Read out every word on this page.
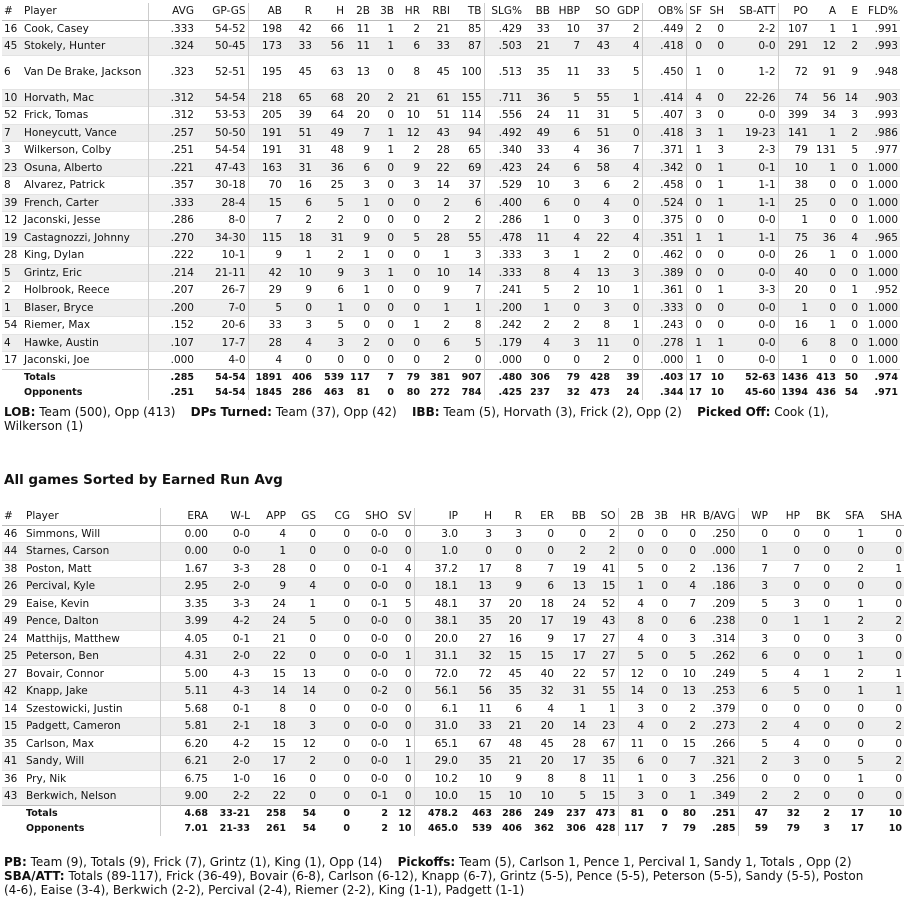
#	Player	AVG	GP-GS	AB	R	H	2B	3B	HR	RBI	TB	SLG%	BB	HBP	SO	GDP	OB%	SF	SH	SB-ATT	PO	A	E	FLD%
16	Cook, Casey	.333	54-52	198	42	66	11	1	2	21	85	.429	33	10	37	2	.449	2	0	2-2	107	1	1	.991
45	Stokely, Hunter	.324	50-45	173	33	56	11	1	6	33	87	.503	21	7	43	4	.418	0	0	0-0	291	12	2	.993
6	Van De Brake, Jackson	.323	52-51	195	45	63	13	0	8	45	100	.513	35	11	33	5	.450	1	0	1-2	72	91	9	.948
10	Horvath, Mac	.312	54-54	218	65	68	20	2	21	61	155	.711	36	5	55	1	.414	4	0	22-26	74	56	14	.903
52	Frick, Tomas	.312	53-53	205	39	64	20	0	10	51	114	.556	24	11	31	5	.407	3	0	0-0	399	34	3	.993
7	Honeycutt, Vance	.257	50-50	191	51	49	7	1	12	43	94	.492	49	6	51	0	.418	3	1	19-23	141	1	2	.986
3	Wilkerson, Colby	.251	54-54	191	31	48	9	1	2	28	65	.340	33	4	36	7	.371	1	3	2-3	79	131	5	.977
23	Osuna, Alberto	.221	47-43	163	31	36	6	0	9	22	69	.423	24	6	58	4	.342	0	1	0-1	10	1	0	1.000
8	Alvarez, Patrick	.357	30-18	70	16	25	3	0	3	14	37	.529	10	3	6	2	.458	0	1	1-1	38	0	0	1.000
39	French, Carter	.333	28-4	15	6	5	1	0	0	2	6	.400	6	0	4	0	.524	0	1	1-1	25	0	0	1.000
12	Jaconski, Jesse	.286	8-0	7	2	2	0	0	0	2	2	.286	1	0	3	0	.375	0	0	0-0	1	0	0	1.000
19	Castagnozzi, Johnny	.270	34-30	115	18	31	9	0	5	28	55	.478	11	4	22	4	.351	1	1	1-1	75	36	4	.965
28	King, Dylan	.222	10-1	9	1	2	1	0	0	1	3	.333	3	1	2	0	.462	0	0	0-0	26	1	0	1.000
5	Grintz, Eric	.214	21-11	42	10	9	3	1	0	10	14	.333	8	4	13	3	.389	0	0	0-0	40	0	0	1.000
2	Holbrook, Reece	.207	26-7	29	9	6	1	0	0	9	7	.241	5	2	10	1	.361	0	1	3-3	20	0	1	.952
1	Blaser, Bryce	.200	7-0	5	0	1	0	0	0	1	1	.200	1	0	3	0	.333	0	0	0-0	1	0	0	1.000
54	Riemer, Max	.152	20-6	33	3	5	0	0	1	2	8	.242	2	2	8	1	.243	0	0	0-0	16	1	0	1.000
4	Hawke, Austin	.107	17-7	28	4	3	2	0	0	6	5	.179	4	3	11	0	.278	1	1	0-0	6	8	0	1.000
17	Jaconski, Joe	.000	4-0	4	0	0	0	0	0	2	0	.000	0	0	2	0	.000	1	0	0-0	1	0	0	1.000
	Totals	.285	54-54	1891	406	539	117	7	79	381	907	.480	306	79	428	39	.403	17	10	52-63	1436	413	50	.974
	Opponents	.251	54-54	1845	286	463	81	0	80	272	784	.425	237	32	473	24	.344	17	10	45-60	1394	436	54	.971
LOB: Team (500), Opp (413) DPs Turned: Team (37), Opp (42) IBB: Team (5), Horvath (3), Frick (2), Opp (2) Picked Off: Cook (1), Wilkerson (1)
All games Sorted by Earned Run Avg
#	Player	ERA	W-L	APP	GS	CG	SHO	SV	IP	H	R	ER	BB	SO	2B	3B	HR	B/AVG	WP	HP	BK	SFA	SHA
46	Simmons, Will	0.00	0-0	4	0	0	0-0	0	3.0	3	3	0	0	2	0	0	0	.250	0	0	0	1	0
44	Starnes, Carson	0.00	0-0	1	0	0	0-0	0	1.0	0	0	0	2	2	0	0	0	.000	1	0	0	0	0
38	Poston, Matt	1.67	3-3	28	0	0	0-1	4	37.2	17	8	7	19	41	5	0	2	.136	7	7	0	2	1
26	Percival, Kyle	2.95	2-0	9	4	0	0-0	0	18.1	13	9	6	13	15	1	0	4	.186	3	0	0	0	0
29	Eaise, Kevin	3.35	3-3	24	1	0	0-1	5	48.1	37	20	18	24	52	4	0	7	.209	5	3	0	1	0
49	Pence, Dalton	3.99	4-2	24	5	0	0-0	0	38.1	35	20	17	19	43	8	0	6	.238	0	1	1	2	2
24	Matthijs, Matthew	4.05	0-1	21	0	0	0-0	0	20.0	27	16	9	17	27	4	0	3	.314	3	0	0	3	0
25	Peterson, Ben	4.31	2-0	22	0	0	0-0	1	31.1	32	15	15	17	27	5	0	5	.262	6	0	0	1	0
27	Bovair, Connor	5.00	4-3	15	13	0	0-0	0	72.0	72	45	40	22	57	12	0	10	.249	5	4	1	2	1
42	Knapp, Jake	5.11	4-3	14	14	0	0-2	0	56.1	56	35	32	31	55	14	0	13	.253	6	5	0	1	1
14	Szestowicki, Justin	5.68	0-1	8	0	0	0-0	0	6.1	11	6	4	1	1	3	0	2	.379	0	0	0	0	0
15	Padgett, Cameron	5.81	2-1	18	3	0	0-0	0	31.0	33	21	20	14	23	4	0	2	.273	2	4	0	0	2
35	Carlson, Max	6.20	4-2	15	12	0	0-0	1	65.1	67	48	45	28	67	11	0	15	.266	5	4	0	0	0
41	Sandy, Will	6.21	2-0	17	2	0	0-0	1	29.0	35	21	20	17	35	6	0	7	.321	2	3	0	5	2
36	Pry, Nik	6.75	1-0	16	0	0	0-0	0	10.2	10	9	8	8	11	1	0	3	.256	0	0	0	1	0
43	Berkwich, Nelson	9.00	2-2	22	0	0	0-1	0	10.0	15	10	10	5	15	3	0	1	.349	2	2	0	0	0
	Totals	4.68	33-21	258	54	0	2	12	478.2	463	286	249	237	473	81	0	80	.251	47	32	2	17	10
	Opponents	7.01	21-33	261	54	0	2	10	465.0	539	406	362	306	428	117	7	79	.285	59	79	3	17	10
PB: Team (9), Totals (9), Frick (7), Grintz (1), King (1), Opp (14) Pickoffs: Team (5), Carlson 1, Pence 1, Percival 1, Sandy 1, Totals , Opp (2)    SBA/ATT: Totals (89-117), Frick (36-49), Bovair (6-8), Carlson (6-12), Knapp (6-7), Grintz (5-5), Pence (5-5), Peterson (5-5), Sandy (5-5), Poston (4-6), Eaise (3-4), Berkwich (2-2), Percival (2-4), Riemer (2-2), King (1-1), Padgett (1-1)
